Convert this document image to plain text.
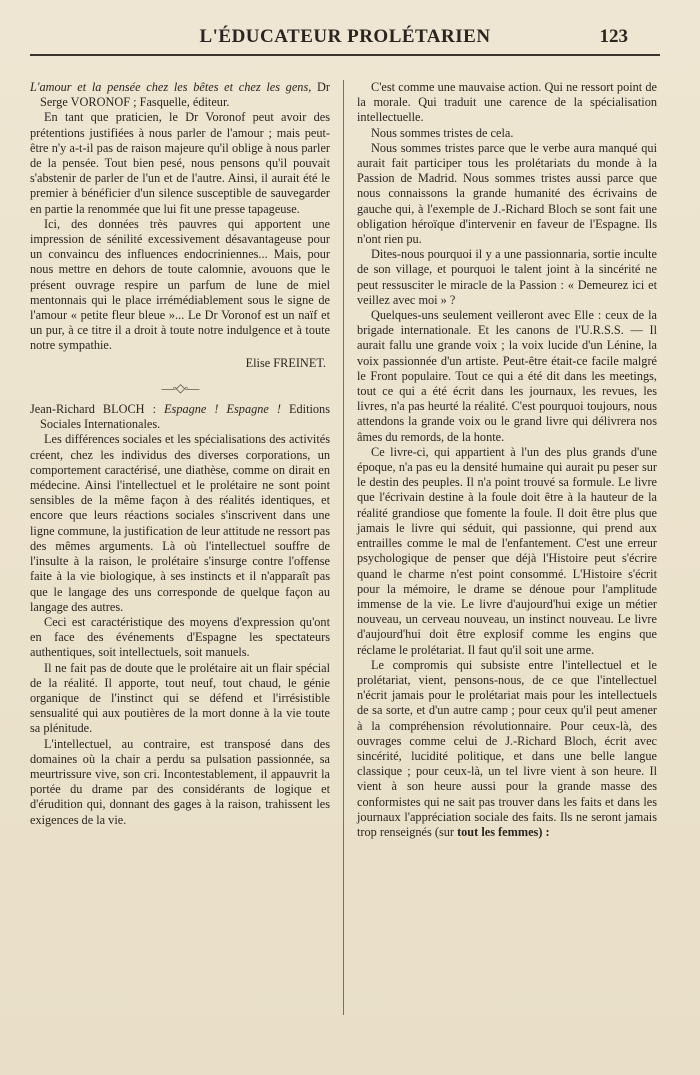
L'ÉDUCATEUR PROLÉTARIEN	123

L'amour et la pensée chez les bêtes et chez les gens, Dr Serge VORONOF ; Fasquelle, éditeur.

En tant que praticien, le Dr Voronof peut avoir des prétentions justifiées à nous parler de l'amour ; mais peut-être n'y a-t-il pas de raison majeure qu'il oblige à nous parler de la pensée. Tout bien pesé, nous pensons qu'il pouvait s'abstenir de parler de l'un et de l'autre. Ainsi, il aurait été le premier à bénéficier d'un silence susceptible de sauvegarder en partie la renommée que lui fit une presse tapageuse.

Ici, des données très pauvres qui apportent une impression de sénilité excessivement désavantageuse pour un convaincu des influences endocriniennes... Mais, pour nous mettre en dehors de toute calomnie, avouons que le présent ouvrage respire un parfum de lune de miel mentonnais qui le place irrémédiablement sous le signe de l'amour « petite fleur bleue »... Le Dr Voronof est un naïf et un pur, à ce titre il a droit à toute notre indulgence et à toute notre sympathie.

Elise FREINET.

—◦◇◦—

Jean-Richard BLOCH : Espagne ! Espagne ! Editions Sociales Internationales.

Les différences sociales et les spécialisations des activités créent, chez les individus des diverses corporations, un comportement caractérisé, une diathèse, comme on dirait en médecine. Ainsi l'intellectuel et le prolétaire ne sont point sensibles de la même façon à des réalités identiques, et encore que leurs réactions sociales s'inscrivent dans une ligne commune, la justification de leur attitude ne ressort pas des mêmes arguments. Là où l'intellectuel souffre de l'insulte à la raison, le prolétaire s'insurge contre l'offense faite à la vie biologique, à ses instincts et il n'apparaît pas que le langage des uns corresponde de quelque façon au langage des autres.

Ceci est caractéristique des moyens d'expression qu'ont en face des événements d'Espagne les spectateurs authentiques, soit intellectuels, soit manuels.

Il ne fait pas de doute que le prolétaire ait un flair spécial de la réalité. Il apporte, tout neuf, tout chaud, le génie organique de l'instinct qui se défend et l'irrésistible sensualité qui aux poutières de la mort donne à la vie toute sa plénitude.

L'intellectuel, au contraire, est transposé dans des domaines où la chair a perdu sa pulsation passionnée, sa meurtrissure vive, son cri. Incontestablement, il appauvrit la portée du drame par des considérants de logique et d'érudition qui, donnant des gages à la raison, trahissent les exigences de la vie.

C'est comme une mauvaise action. Qui ne ressort point de la morale. Qui traduit une carence de la spécialisation intellectuelle.

Nous sommes tristes de cela.

Nous sommes tristes parce que le verbe aura manqué qui aurait fait participer tous les prolétariats du monde à la Passion de Madrid. Nous sommes tristes aussi parce que nous connaissons la grande humanité des écrivains de gauche qui, à l'exemple de J.-Richard Bloch se sont fait une obligation héroïque d'intervenir en faveur de l'Espagne. Ils n'ont rien pu.

Dites-nous pourquoi il y a une passionnaria, sortie inculte de son village, et pourquoi le talent joint à la sincérité ne peut ressusciter le miracle de la Passion : « Demeurez ici et veillez avec moi » ?

Quelques-uns seulement veilleront avec Elle : ceux de la brigade internationale. Et les canons de l'U.R.S.S. — Il aurait fallu une grande voix ; la voix lucide d'un Lénine, la voix passionnée d'un artiste. Peut-être était-ce facile malgré le Front populaire. Tout ce qui a été dit dans les meetings, tout ce qui a été écrit dans les journaux, les revues, les livres, n'a pas heurté la réalité. C'est pourquoi toujours, nous attendons la grande voix ou le grand livre qui délivrera nos âmes du remords, de la honte.

Ce livre-ci, qui appartient à l'un des plus grands d'une époque, n'a pas eu la densité humaine qui aurait pu peser sur le destin des peuples. Il n'a point trouvé sa formule. Le livre que l'écrivain destine à la foule doit être à la hauteur de la réalité grandiose que fomente la foule. Il doit être plus que jamais le livre qui séduit, qui passionne, qui prend aux entrailles comme le mal de l'enfantement. C'est une erreur psychologique de penser que déjà l'Histoire peut s'écrire quand le charme n'est point consommé. L'Histoire s'écrit pour la mémoire, le drame se dénoue pour l'amplitude immense de la vie. Le livre d'aujourd'hui exige un métier nouveau, un cerveau nouveau, un instinct nouveau. Le livre d'aujourd'hui doit être explosif comme les engins que réclame le prolétariat. Il faut qu'il soit une arme.

Le compromis qui subsiste entre l'intellectuel et le prolétariat, vient, pensons-nous, de ce que l'intellectuel n'écrit jamais pour le prolétariat mais pour les intellectuels de sa sorte, et d'un autre camp ; pour ceux qu'il peut amener à la compréhension révolutionnaire. Pour ceux-là, des ouvrages comme celui de J.-Richard Bloch, écrit avec sincérité, lucidité politique, et dans une belle langue classique ; pour ceux-là, un tel livre vient à son heure. Il vient à son heure aussi pour la grande masse des conformistes qui ne sait pas trouver dans les faits et dans les journaux l'appréciation sociale des faits. Ils ne seront jamais trop renseignés (sur tout les femmes) :
